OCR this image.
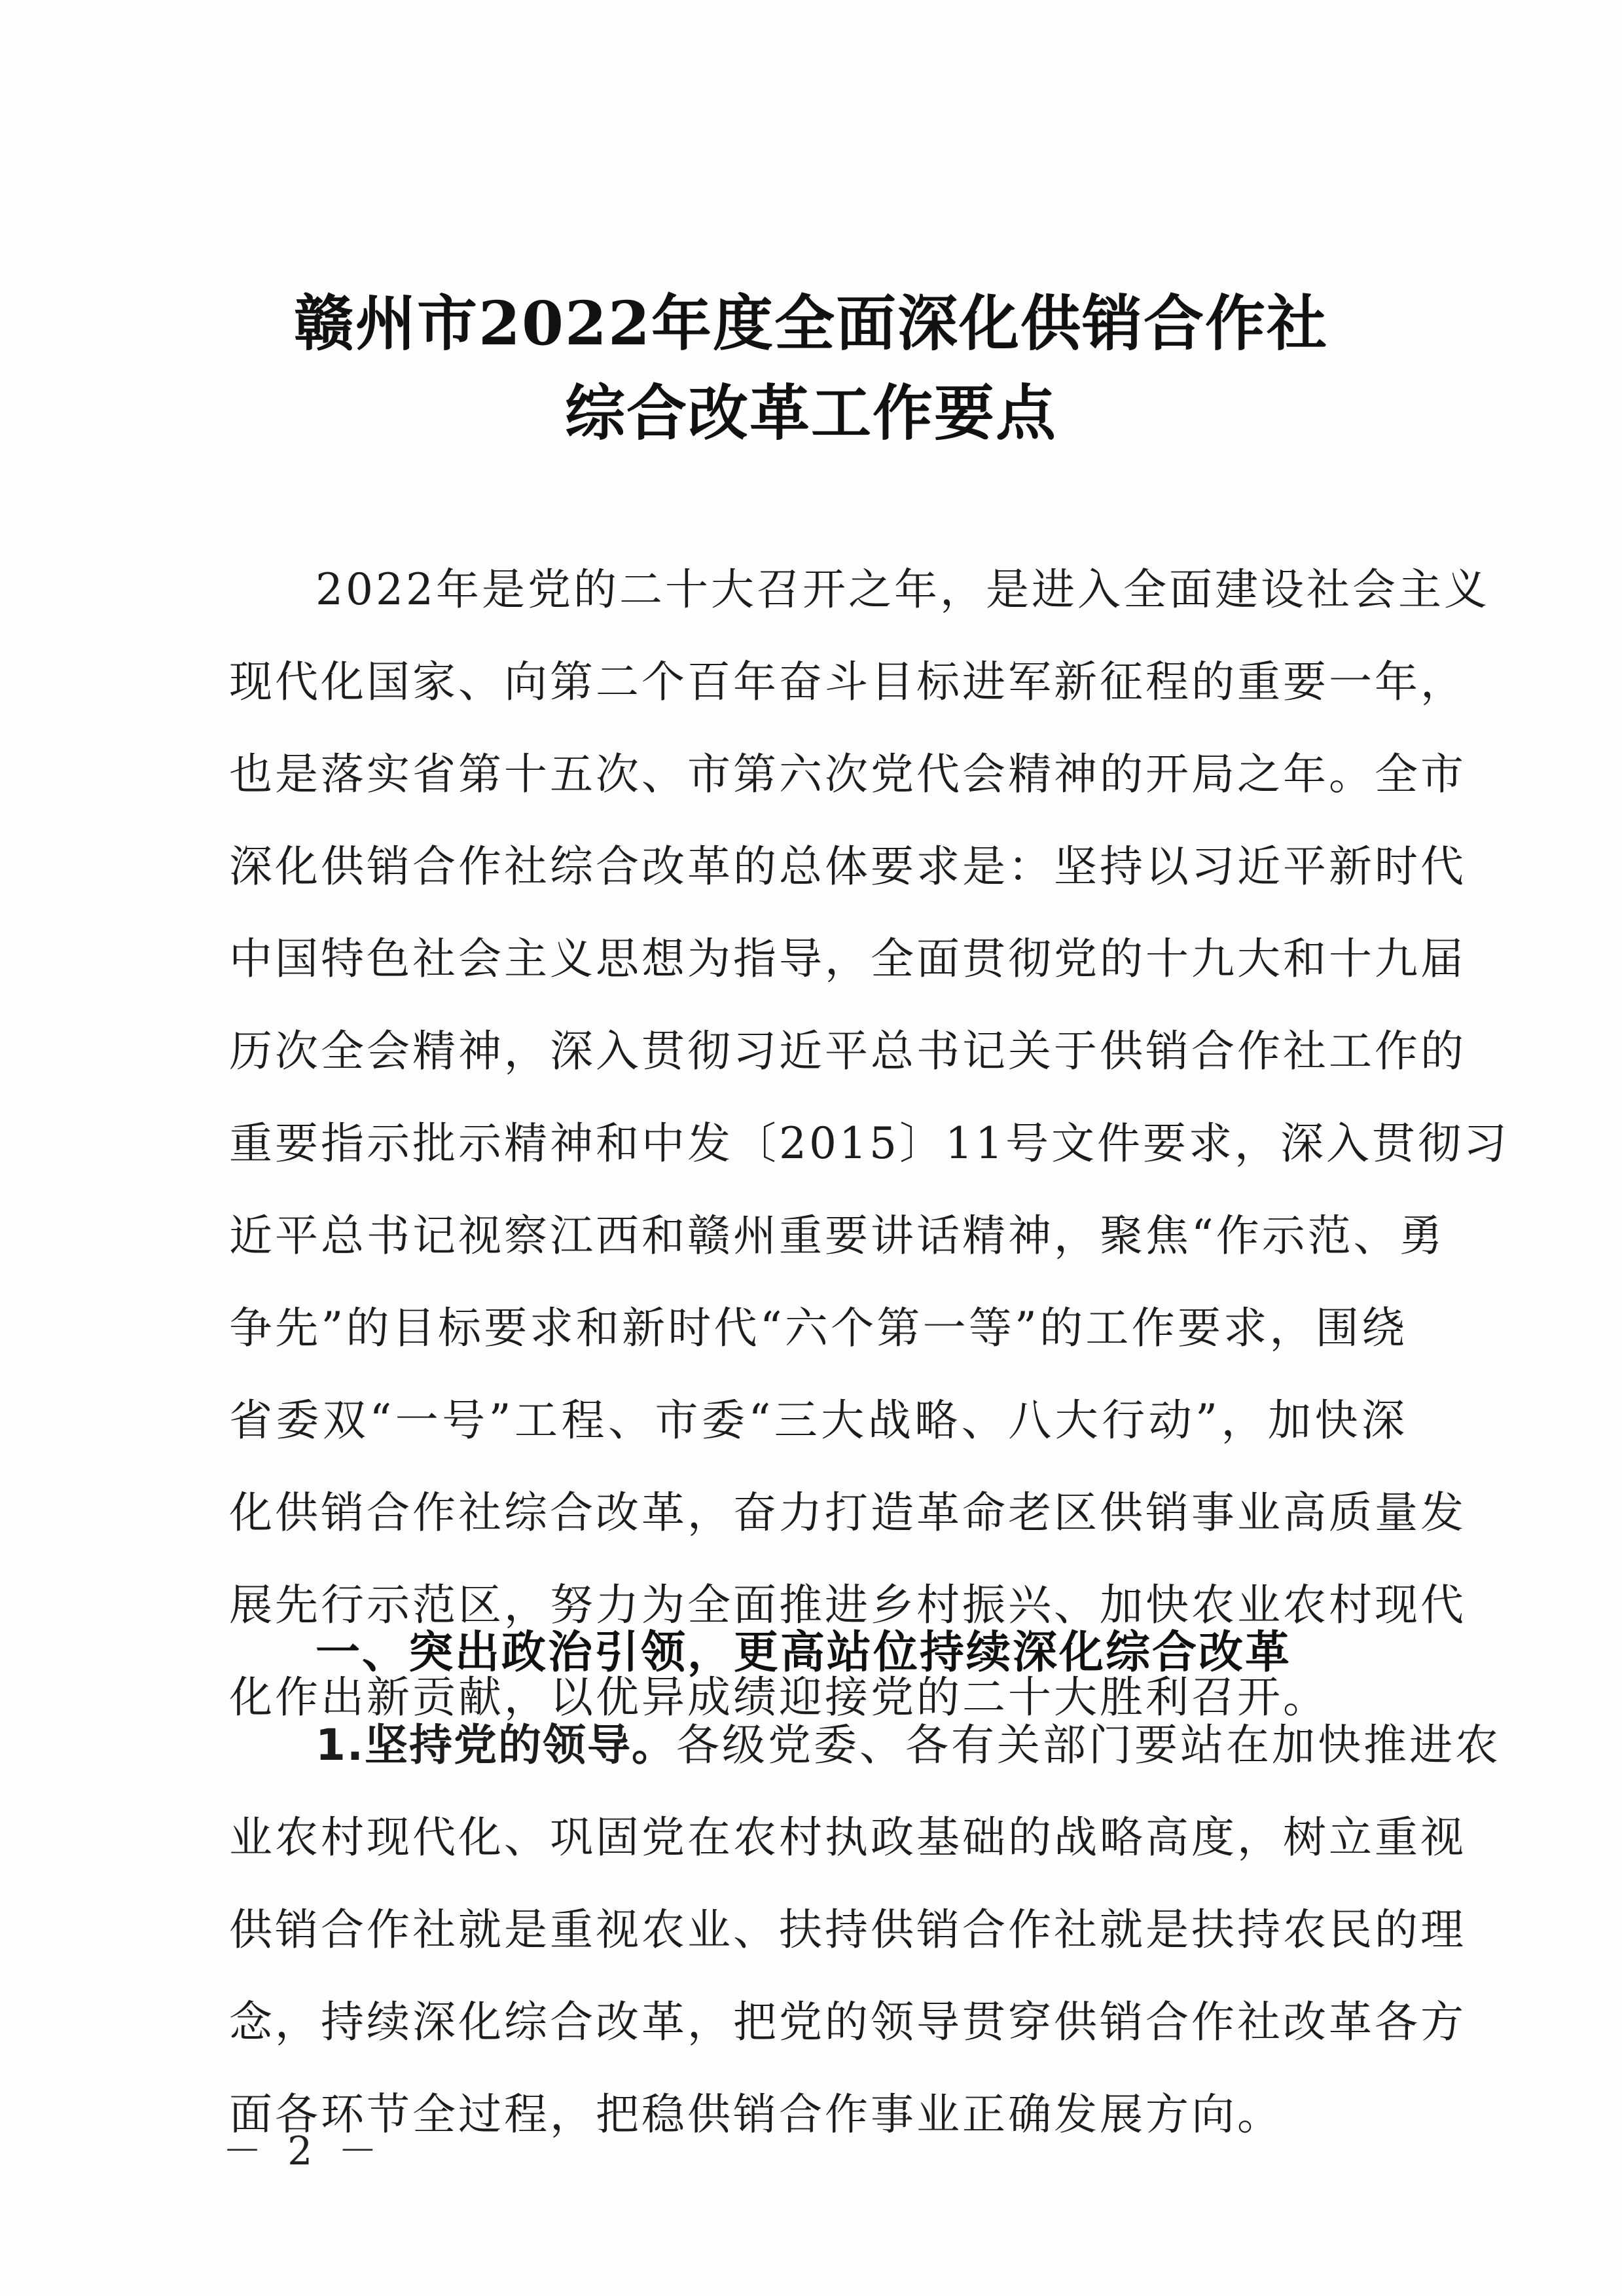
赣州市2022年度全面深化供销合作社
综合改革工作要点
2022年是党的二十大召开之年，是进入全面建设社会主义
现代化国家、向第二个百年奋斗目标进军新征程的重要一年，
也是落实省第十五次、市第六次党代会精神的开局之年。全市
深化供销合作社综合改革的总体要求是：坚持以习近平新时代
中国特色社会主义思想为指导，全面贯彻党的十九大和十九届
历次全会精神，深入贯彻习近平总书记关于供销合作社工作的
重要指示批示精神和中发〔2015〕11号文件要求，深入贯彻习
近平总书记视察江西和赣州重要讲话精神，聚焦“作示范、勇
争先”的目标要求和新时代“六个第一等”的工作要求，围绕
省委双“一号”工程、市委“三大战略、八大行动”，加快深
化供销合作社综合改革，奋力打造革命老区供销事业高质量发
展先行示范区，努力为全面推进乡村振兴、加快农业农村现代
化作出新贡献，以优异成绩迎接党的二十大胜利召开。
一、突出政治引领，更高站位持续深化综合改革
1.坚持党的领导。各级党委、各有关部门要站在加快推进农
业农村现代化、巩固党在农村执政基础的战略高度，树立重视
供销合作社就是重视农业、扶持供销合作社就是扶持农民的理
念，持续深化综合改革，把党的领导贯穿供销合作社改革各方
面各环节全过程，把稳供销合作事业正确发展方向。
－ 2 －
